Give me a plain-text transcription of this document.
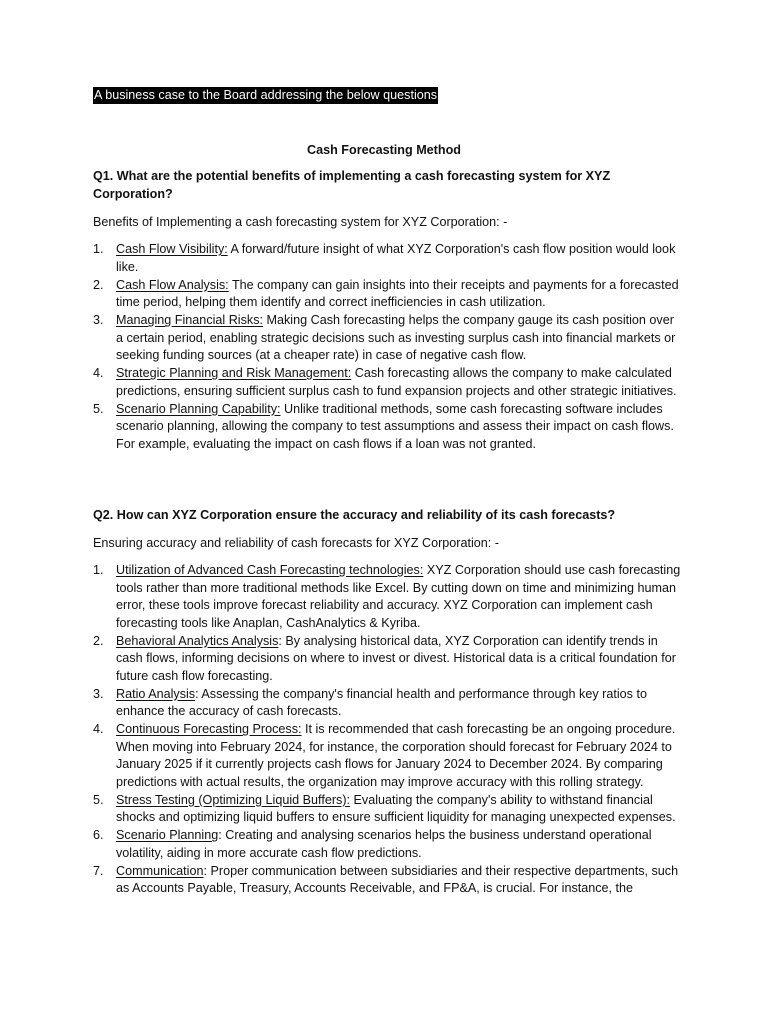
A business case to the Board addressing the below questions
Cash Forecasting Method
Q1. What are the potential benefits of implementing a cash forecasting system for XYZ Corporation?
Benefits of Implementing a cash forecasting system for XYZ Corporation: -
1. Cash Flow Visibility: A forward/future insight of what XYZ Corporation's cash flow position would look like.
2. Cash Flow Analysis: The company can gain insights into their receipts and payments for a forecasted time period, helping them identify and correct inefficiencies in cash utilization.
3. Managing Financial Risks: Making Cash forecasting helps the company gauge its cash position over a certain period, enabling strategic decisions such as investing surplus cash into financial markets or seeking funding sources (at a cheaper rate) in case of negative cash flow.
4. Strategic Planning and Risk Management: Cash forecasting allows the company to make calculated predictions, ensuring sufficient surplus cash to fund expansion projects and other strategic initiatives.
5. Scenario Planning Capability: Unlike traditional methods, some cash forecasting software includes scenario planning, allowing the company to test assumptions and assess their impact on cash flows. For example, evaluating the impact on cash flows if a loan was not granted.
Q2. How can XYZ Corporation ensure the accuracy and reliability of its cash forecasts?
Ensuring accuracy and reliability of cash forecasts for XYZ Corporation: -
1. Utilization of Advanced Cash Forecasting technologies: XYZ Corporation should use cash forecasting tools rather than more traditional methods like Excel. By cutting down on time and minimizing human error, these tools improve forecast reliability and accuracy. XYZ Corporation can implement cash forecasting tools like Anaplan, CashAnalytics & Kyriba.
2. Behavioral Analytics Analysis: By analysing historical data, XYZ Corporation can identify trends in cash flows, informing decisions on where to invest or divest. Historical data is a critical foundation for future cash flow forecasting.
3. Ratio Analysis: Assessing the company's financial health and performance through key ratios to enhance the accuracy of cash forecasts.
4. Continuous Forecasting Process: It is recommended that cash forecasting be an ongoing procedure. When moving into February 2024, for instance, the corporation should forecast for February 2024 to January 2025 if it currently projects cash flows for January 2024 to December 2024. By comparing predictions with actual results, the organization may improve accuracy with this rolling strategy.
5. Stress Testing (Optimizing Liquid Buffers): Evaluating the company's ability to withstand financial shocks and optimizing liquid buffers to ensure sufficient liquidity for managing unexpected expenses.
6. Scenario Planning: Creating and analysing scenarios helps the business understand operational volatility, aiding in more accurate cash flow predictions.
7. Communication: Proper communication between subsidiaries and their respective departments, such as Accounts Payable, Treasury, Accounts Receivable, and FP&A, is crucial. For instance, the
